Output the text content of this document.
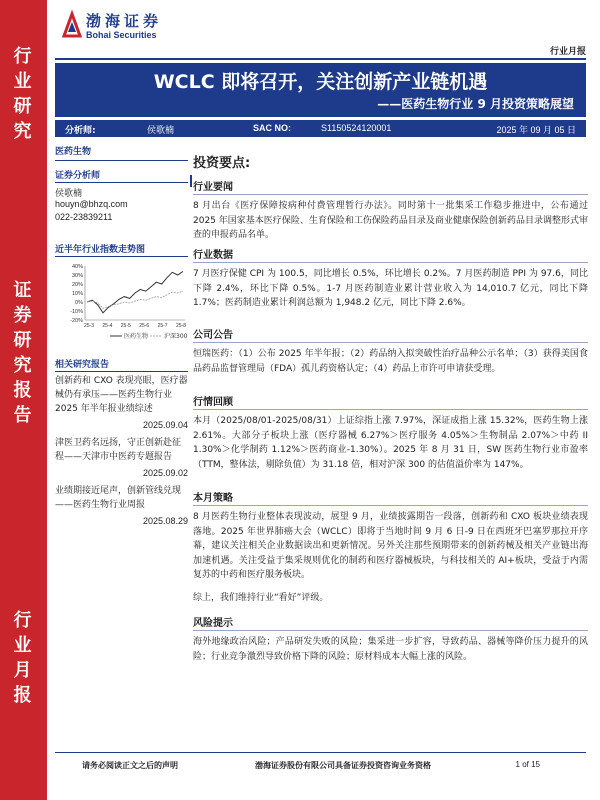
行
业
研
究
证
券
研
究
报
告
行
业
月
报
渤海证券
Bohai Securities
行业月报
WCLC 即将召开，关注创新产业链机遇
——医药生物行业 9 月投资策略展望
分析师:	侯歌楠	SAC NO:	S1150524120001	2025 年 09 月 05 日
医药生物
证券分析师
侯歌楠
houyn@bhzq.com
022-23839211
近半年行业指数走势图
40%
30%
20%
10%
0%
-10%
-20%
25-3 25-4 25-5 25-6 25-7 25-8
医药生物	沪深300
相关研究报告
创新药和 CXO 表现亮眼，医疗器械仍有承压——医药生物行业 2025 年半年报业绩综述
2025.09.04
津医卫药名远扬，守正创新赴征程——天津市中医药专题报告
2025.09.02
业绩期接近尾声，创新管线兑现——医药生物行业周报
2025.08.29
投资要点:
行业要闻
8 月出台《医疗保障按病种付费管理暂行办法》。同时第十一批集采工作稳步推进中，公布通过 2025 年国家基本医疗保险、生育保险和工伤保险药品目录及商业健康保险创新药品目录调整形式审查的申报药品名单。
行业数据
7 月医疗保健 CPI 为 100.5，同比增长 0.5%，环比增长 0.2%。7 月医药制造 PPI 为 97.6，同比下降 2.4%，环比下降 0.5%。1-7 月医药制造业累计营业收入为 14,010.7 亿元，同比下降 1.7%；医药制造业累计利润总额为 1,948.2 亿元，同比下降 2.6%。
公司公告
恒瑞医药：（1）公布 2025 年半年报；（2）药品纳入拟突破性治疗品种公示名单；（3）获得美国食品药品监督管理局（FDA）孤儿药资格认定；（4）药品上市许可申请获受理。
行情回顾
本月（2025/08/01-2025/08/31）上证综指上涨 7.97%，深证成指上涨 15.32%，医药生物上涨 2.61%。大部分子板块上涨（医疗器械 6.27%＞医疗服务 4.05%＞生物制品 2.07%＞中药 II 1.30%＞化学制药 1.12%＞医药商业-1.30%）。2025 年 8 月 31 日，SW 医药生物行业市盈率（TTM，整体法，剔除负值）为 31.18 倍，相对沪深 300 的估值溢价率为 147%。
本月策略
8 月医药生物行业整体表现波动，展望 9 月，业绩披露期告一段落，创新药和 CXO 板块业绩表现落地。2025 年世界肺癌大会（WCLC）即将于当地时间 9 月 6 日-9 日在西班牙巴塞罗那拉开序幕，建议关注相关企业数据读出和更新情况。另外关注那些预期带来的创新药械及相关产业链出海加速机遇。关注受益于集采规则优化的制药和医疗器械板块，与科技相关的 AI+板块，受益于内需复苏的中药和医疗服务板块。
综上，我们维持行业“看好”评级。
风险提示
海外地缘政治风险；产品研发失败的风险；集采进一步扩容，导致药品、器械等降价压力提升的风险；行业竞争激烈导致价格下降的风险；原材料成本大幅上涨的风险。
请务必阅读正文之后的声明	渤海证券股份有限公司具备证券投资咨询业务资格	1 of 15
